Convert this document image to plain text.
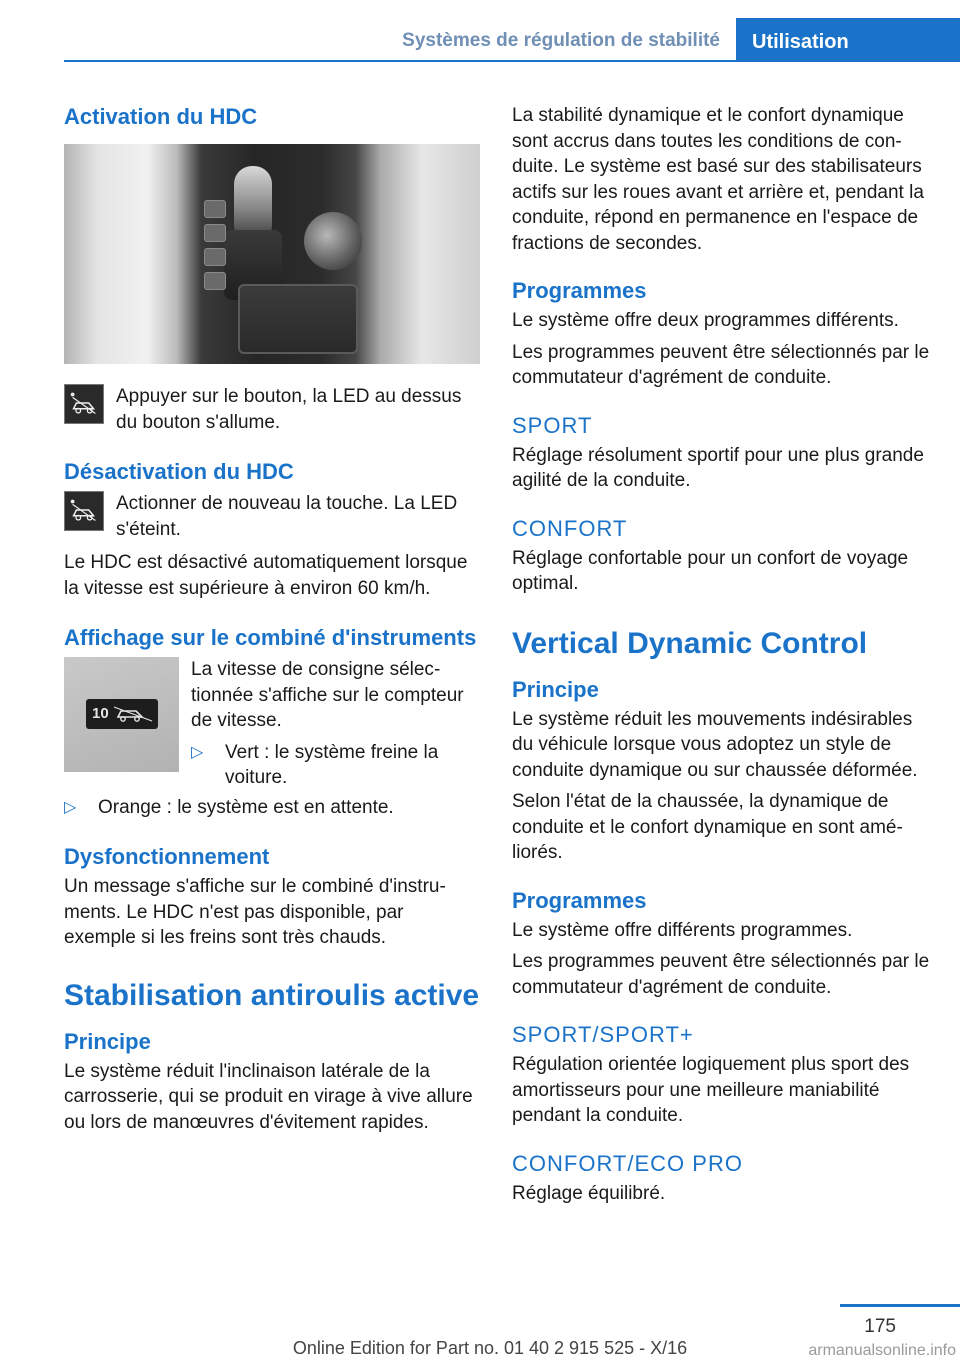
Systèmes de régulation de stabilité	Utilisation
Activation du HDC

Appuyer sur le bouton, la LED au dessus du bouton s'allume.

Désactivation du HDC

Actionner de nouveau la touche. La LED s'éteint.

Le HDC est désactivé automatiquement lorsque la vitesse est supérieure à environ 60 km/h.

Affichage sur le combiné d'instruments
10

La vitesse de consigne sélectionnée s'affiche sur le compteur de vitesse.

▷	Vert : le système freine la voiture.
▷	Orange : le système est en attente.
Dysfonctionnement

Un message s'affiche sur le combiné d'instruments. Le HDC n'est pas disponible, par exemple si les freins sont très chauds.

Stabilisation antiroulis active
Principe

Le système réduit l'inclinaison latérale de la carrosserie, qui se produit en virage à vive allure ou lors de manœuvres d'évitement rapides.

La stabilité dynamique et le confort dynamique sont accrus dans toutes les conditions de conduite. Le système est basé sur des stabilisateurs actifs sur les roues avant et arrière et, pendant la conduite, répond en permanence en l'espace de fractions de secondes.

Programmes

Le système offre deux programmes différents.

Les programmes peuvent être sélectionnés par le commutateur d'agrément de conduite.

SPORT

Réglage résolument sportif pour une plus grande agilité de la conduite.

CONFORT

Réglage confortable pour un confort de voyage optimal.

Vertical Dynamic Control
Principe

Le système réduit les mouvements indésirables du véhicule lorsque vous adoptez un style de conduite dynamique ou sur chaussée déformée.

Selon l'état de la chaussée, la dynamique de conduite et le confort dynamique en sont améliorés.

Programmes

Le système offre différents programmes.

Les programmes peuvent être sélectionnés par le commutateur d'agrément de conduite.

SPORT/SPORT+

Régulation orientée logiquement plus sport des amortisseurs pour une meilleure maniabilité pendant la conduite.

CONFORT/ECO PRO

Réglage équilibré.

175
Online Edition for Part no. 01 40 2 915 525 - X/16	armanualsonline.info
